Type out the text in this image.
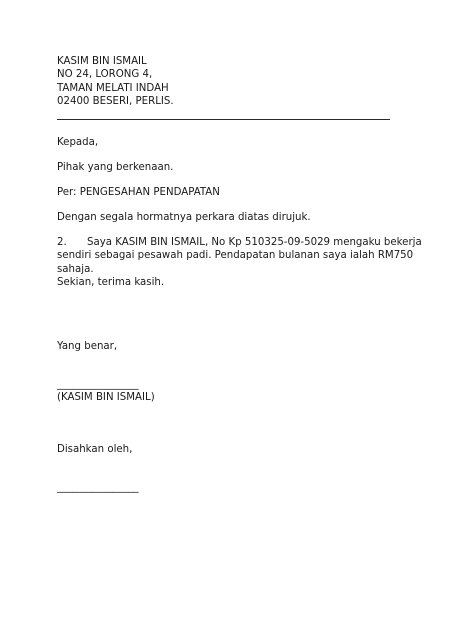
KASIM BIN ISMAIL
NO 24, LORONG 4,
TAMAN MELATI INDAH
02400 BESERI, PERLIS.
Kepada,
Pihak yang berkenaan.
Per: PENGESAHAN PENDAPATAN
Dengan segala hormatnya perkara diatas dirujuk.
2. Saya KASIM BIN ISMAIL, No Kp 510325-09-5029 mengaku bekerja sendiri sebagai pesawah padi. Pendapatan bulanan saya ialah RM750 sahaja.
Sekian, terima kasih.
Yang benar,
________________
(KASIM BIN ISMAIL)
Disahkan oleh,
________________
